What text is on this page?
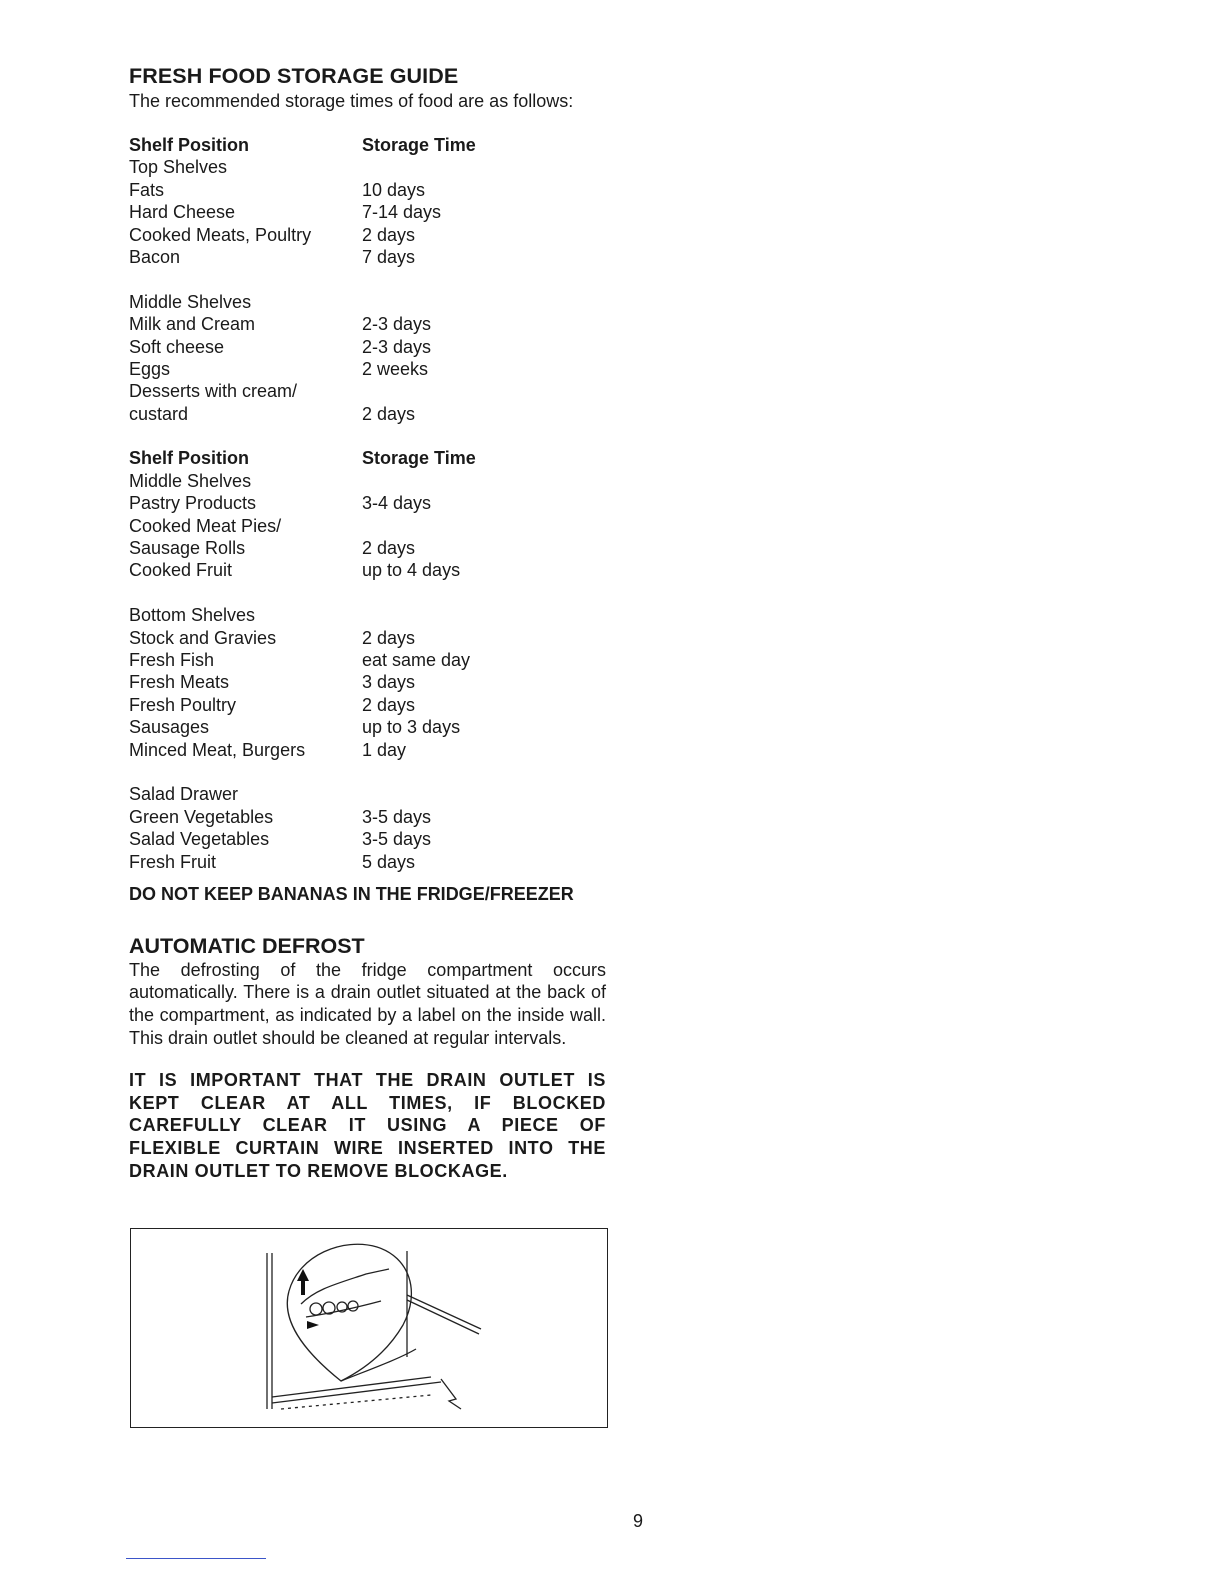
FRESH FOOD STORAGE GUIDE

The recommended storage times of food are as follows:

Shelf Position	Storage Time
Top Shelves
Fats	10 days
Hard Cheese	7-14 days
Cooked Meats, Poultry	2 days
Bacon	7 days
Middle Shelves
Milk and Cream	2-3 days
Soft cheese	2-3 days
Eggs	2 weeks
Desserts with cream/
custard	2 days
Shelf Position	Storage Time
Middle Shelves
Pastry Products	3-4 days
Cooked Meat Pies/
Sausage Rolls	2 days
Cooked Fruit	up to 4 days
Bottom Shelves
Stock and Gravies	2 days
Fresh Fish	eat same day
Fresh Meats	3 days
Fresh Poultry	2 days
Sausages	up to 3 days
Minced Meat, Burgers	1 day
Salad Drawer
Green Vegetables	3-5 days
Salad Vegetables	3-5 days
Fresh Fruit	5 days
DO NOT KEEP BANANAS IN THE FRIDGE/FREEZER
AUTOMATIC DEFROST

The defrosting of the fridge compartment occurs automatically. There is a drain outlet situated at the back of the compartment, as indicated by a label on the inside wall. This drain outlet should be cleaned at regular intervals.

IT IS IMPORTANT THAT THE DRAIN OUTLET IS KEPT CLEAR AT ALL TIMES, IF BLOCKED CAREFULLY CLEAR IT USING A PIECE OF FLEXIBLE CURTAIN WIRE INSERTED INTO THE DRAIN OUTLET TO REMOVE BLOCKAGE.

9
